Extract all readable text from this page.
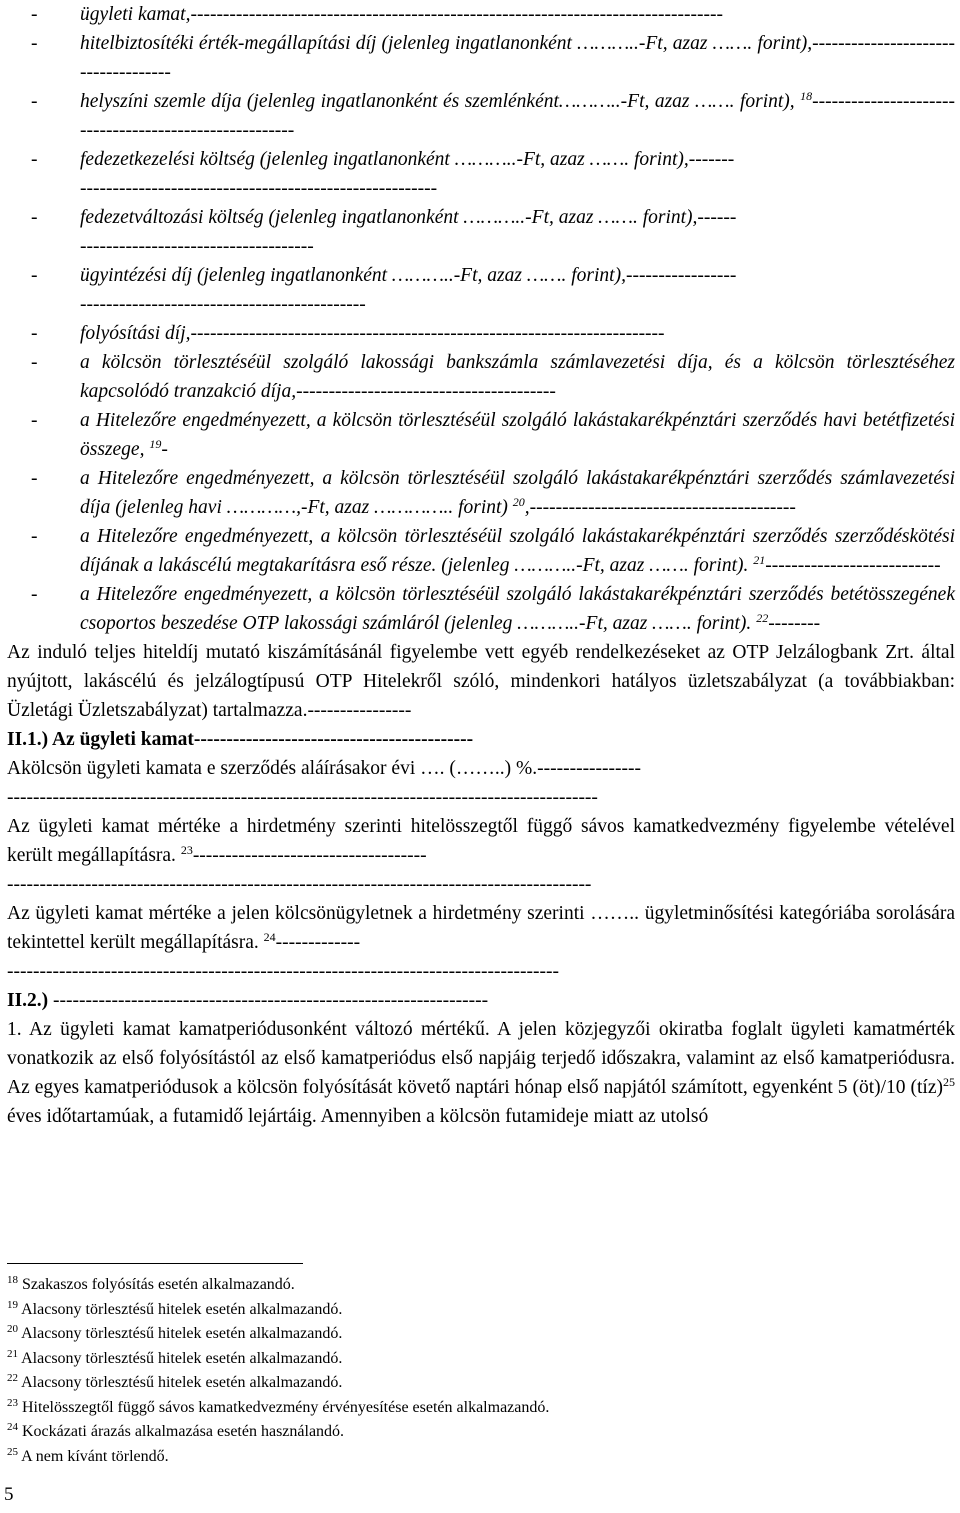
- ügyleti kamat,----------------------------------------------------------------------------------

- hitelbiztosítéki érték-megállapítási díj (jelenleg ingatlanonként ………..-Ft, azaz ……. forint),------------------------------------

- helyszíni szemle díja (jelenleg ingatlanonként és szemlénként………..-Ft, azaz ……. forint), $^{18}$-------------------------------------------------------

- fedezetkezelési költség (jelenleg ingatlanonként ………..-Ft, azaz ……. forint),-------
-------------------------------------------------------

- fedezetváltozási költség (jelenleg ingatlanonként ………..-Ft, azaz ……. forint),------
------------------------------------

- ügyintézési díj (jelenleg ingatlanonként ………..-Ft, azaz ……. forint),-----------------
--------------------------------------------

- folyósítási díj,-------------------------------------------------------------------------

- a kölcsön törlesztéséül szolgáló lakossági bankszámla számlavezetési díja, és a kölcsön törlesztéséhez kapcsolódó tranzakció díja,----------------------------------------

- a Hitelezőre engedményezett, a kölcsön törlesztéséül szolgáló lakástakarékpénztári szerződés havi betétfizetési összege, $^{19}$-

- a Hitelezőre engedményezett, a kölcsön törlesztéséül szolgáló lakástakarékpénztári szerződés számlavezetési díja (jelenleg havi …………,-Ft, azaz ………….. forint) $^{20}$,-----------------------------------------

- a Hitelezőre engedményezett, a kölcsön törlesztéséül szolgáló lakástakarékpénztári szerződés szerződéskötési díjának a lakáscélú megtakarításra eső része. (jelenleg ………..-Ft, azaz ……. forint). $^{21}$---------------------------

- a Hitelezőre engedményezett, a kölcsön törlesztéséül szolgáló lakástakarékpénztári szerződés betétösszegének csoportos beszedése OTP lakossági számláról (jelenleg ………..-Ft, azaz ……. forint). $^{22}$--------

Az induló teljes hiteldíj mutató kiszámításánál figyelembe vett egyéb rendelkezéseket az OTP Jelzálogbank Zrt. által nyújtott, lakáscélú és jelzálogtípusú OTP Hitelekről szóló, mindenkori hatályos üzletszabályzat (a továbbiakban: Üzletági Üzletszabályzat) tartalmazza.----------------

II.1.) Az ügyleti kamat-------------------------------------------

Akölcsön ügyleti kamata e szerződés aláírásakor évi …. (……..) %.----------------
-------------------------------------------------------------------------------------------

Az ügyleti kamat mértéke a hirdetmény szerinti hitelösszegtől függő sávos kamatkedvezmény figyelembe vételével került megállapításra. $^{23}$------------------------------------
------------------------------------------------------------------------------------------

Az ügyleti kamat mértéke a jelen kölcsönügyletnek a hirdetmény szerinti …….. ügyletminősítési kategóriába sorolására tekintettel került megállapításra. $^{24}$-------------
-------------------------------------------------------------------------------------

II.2.) -------------------------------------------------------------------

1. Az ügyleti kamat kamatperiódusonként változó mértékű. A jelen közjegyzői okiratba foglalt ügyleti kamatmérték vonatkozik az első folyósítástól az első kamatperiódus első napjáig terjedő időszakra, valamint az első kamatperiódusra. Az egyes kamatperiódusok a kölcsön folyósítását követő naptári hónap első napjától számított, egyenként 5 (öt)/10 (tíz)$^{25}$ éves időtartamúak, a futamidő lejártáig. Amennyiben a kölcsön futamideje miatt az utolsó

$^{18}$ Szakaszos folyósítás esetén alkalmazandó.

$^{19}$ Alacsony törlesztésű hitelek esetén alkalmazandó.

$^{20}$ Alacsony törlesztésű hitelek esetén alkalmazandó.

$^{21}$ Alacsony törlesztésű hitelek esetén alkalmazandó.

$^{22}$ Alacsony törlesztésű hitelek esetén alkalmazandó.

$^{23}$ Hitelösszegtől függő sávos kamatkedvezmény érvényesítése esetén alkalmazandó.

$^{24}$ Kockázati árazás alkalmazása esetén használandó.

$^{25}$ A nem kívánt törlendő.

5
